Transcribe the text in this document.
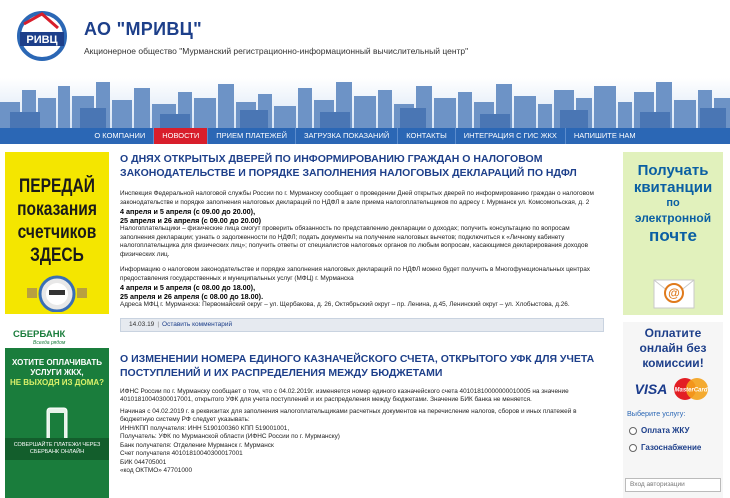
РИВЦ
АО "МРИВЦ"
Акционерное общество "Мурманский регистрационно-информационный вычислительный центр"
О КОМПАНИИ	НОВОСТИ	ПРИЕМ ПЛАТЕЖЕЙ	ЗАГРУЗКА ПОКАЗАНИЙ	КОНТАКТЫ	ИНТЕГРАЦИЯ С ГИС ЖКХ	НАПИШИТЕ НАМ
ПЕРЕДАЙ
показания
счетчиков
ЗДЕСЬ
СБЕРБАНК
Всегда рядом
ХОТИТЕ ОПЛАЧИВАТЬ УСЛУГИ ЖКХ,
НЕ ВЫХОДЯ ИЗ ДОМА?
СОВЕРШАЙТЕ ПЛАТЕЖИ ЧЕРЕЗ СБЕРБАНК ОНЛАЙН
О ДНЯХ ОТКРЫТЫХ ДВЕРЕЙ ПО ИНФОРМИРОВАНИЮ ГРАЖДАН О НАЛОГОВОМ ЗАКОНОДАТЕЛЬСТВЕ И ПОРЯДКЕ ЗАПОЛНЕНИЯ НАЛОГОВЫХ ДЕКЛАРАЦИЙ ПО НДФЛ

Инспекция Федеральной налоговой службы России по г. Мурманску сообщает о проведении Дней открытых дверей по информированию граждан о налоговом законодательстве и порядке заполнения налоговых деклараций по НДФЛ в зале приема налогоплательщиков по адресу г. Мурманск ул. Комсомольская, д. 2

4 апреля и 5 апреля (с 09.00 до 20.00),

25 апреля и 26 апреля (с 09.00 до 20.00)

Налогоплательщики – физические лица смогут проверить обязанность по представлению декларации о доходах; получить консультацию по вопросам заполнения декларации; узнать о задолженности по НДФЛ; подать документы на получение налоговых вычетов; подключиться к «Личному кабинету налогоплательщика для физических лиц»; получить ответы от специалистов налоговых органов по любым вопросам, касающимся декларирования доходов физических лиц.

Информацию о налоговом законодательстве и порядке заполнения налоговых деклараций по НДФЛ можно будет получить в Многофункциональных центрах предоставления государственных и муниципальных услуг (МФЦ) г. Мурманска

4 апреля и 5 апреля (с 08.00 до 18.00),

25 апреля и 26 апреля (с 08.00 до 18.00).

Адреса МФЦ г. Мурманска: Первомайский округ – ул. Щербакова, д. 26, Октябрьский округ – пр. Ленина, д.45, Ленинский округ – ул. Хлобыстова, д.26.

14.03.19 | Оставить комментарий
О ИЗМЕНЕНИИ НОМЕРА ЕДИНОГО КАЗНАЧЕЙСКОГО СЧЕТА, ОТКРЫТОГО УФК ДЛЯ УЧЕТА ПОСТУПЛЕНИЙ И ИХ РАСПРЕДЕЛЕНИЯ МЕЖДУ БЮДЖЕТАМИ

ИФНС России по г. Мурманску сообщает о том, что с 04.02.2019г. изменяется номер единого казначейского счета 40101810000000010005 на значение 40101810040300017001, открытого УФК для учета поступлений и их распределения между бюджетами. Значение БИК банка не меняется.

Начиная с 04.02.2019 г. в реквизитах для заполнения налогоплательщиками расчетных документов на перечисление налогов, сборов и иных платежей в бюджетную систему РФ следует указывать:

ИНН/КПП получателя: ИНН 5190100360 КПП 519001001,

Получатель: УФК по Мурманской области (ИФНС России по г. Мурманску)

Банк получателя: Отделение Мурманск г. Мурманск

Счет получателя 40101810040300017001

БИК 044705001

«код ОКТМО» 47701000

Получать
квитанции
по
электронной
почте
@
Оплатите онлайн без комиссии!
VISA MasterCard
Выберите услугу:
Оплата ЖКУ
Газоснабжение
Вход авторизации
